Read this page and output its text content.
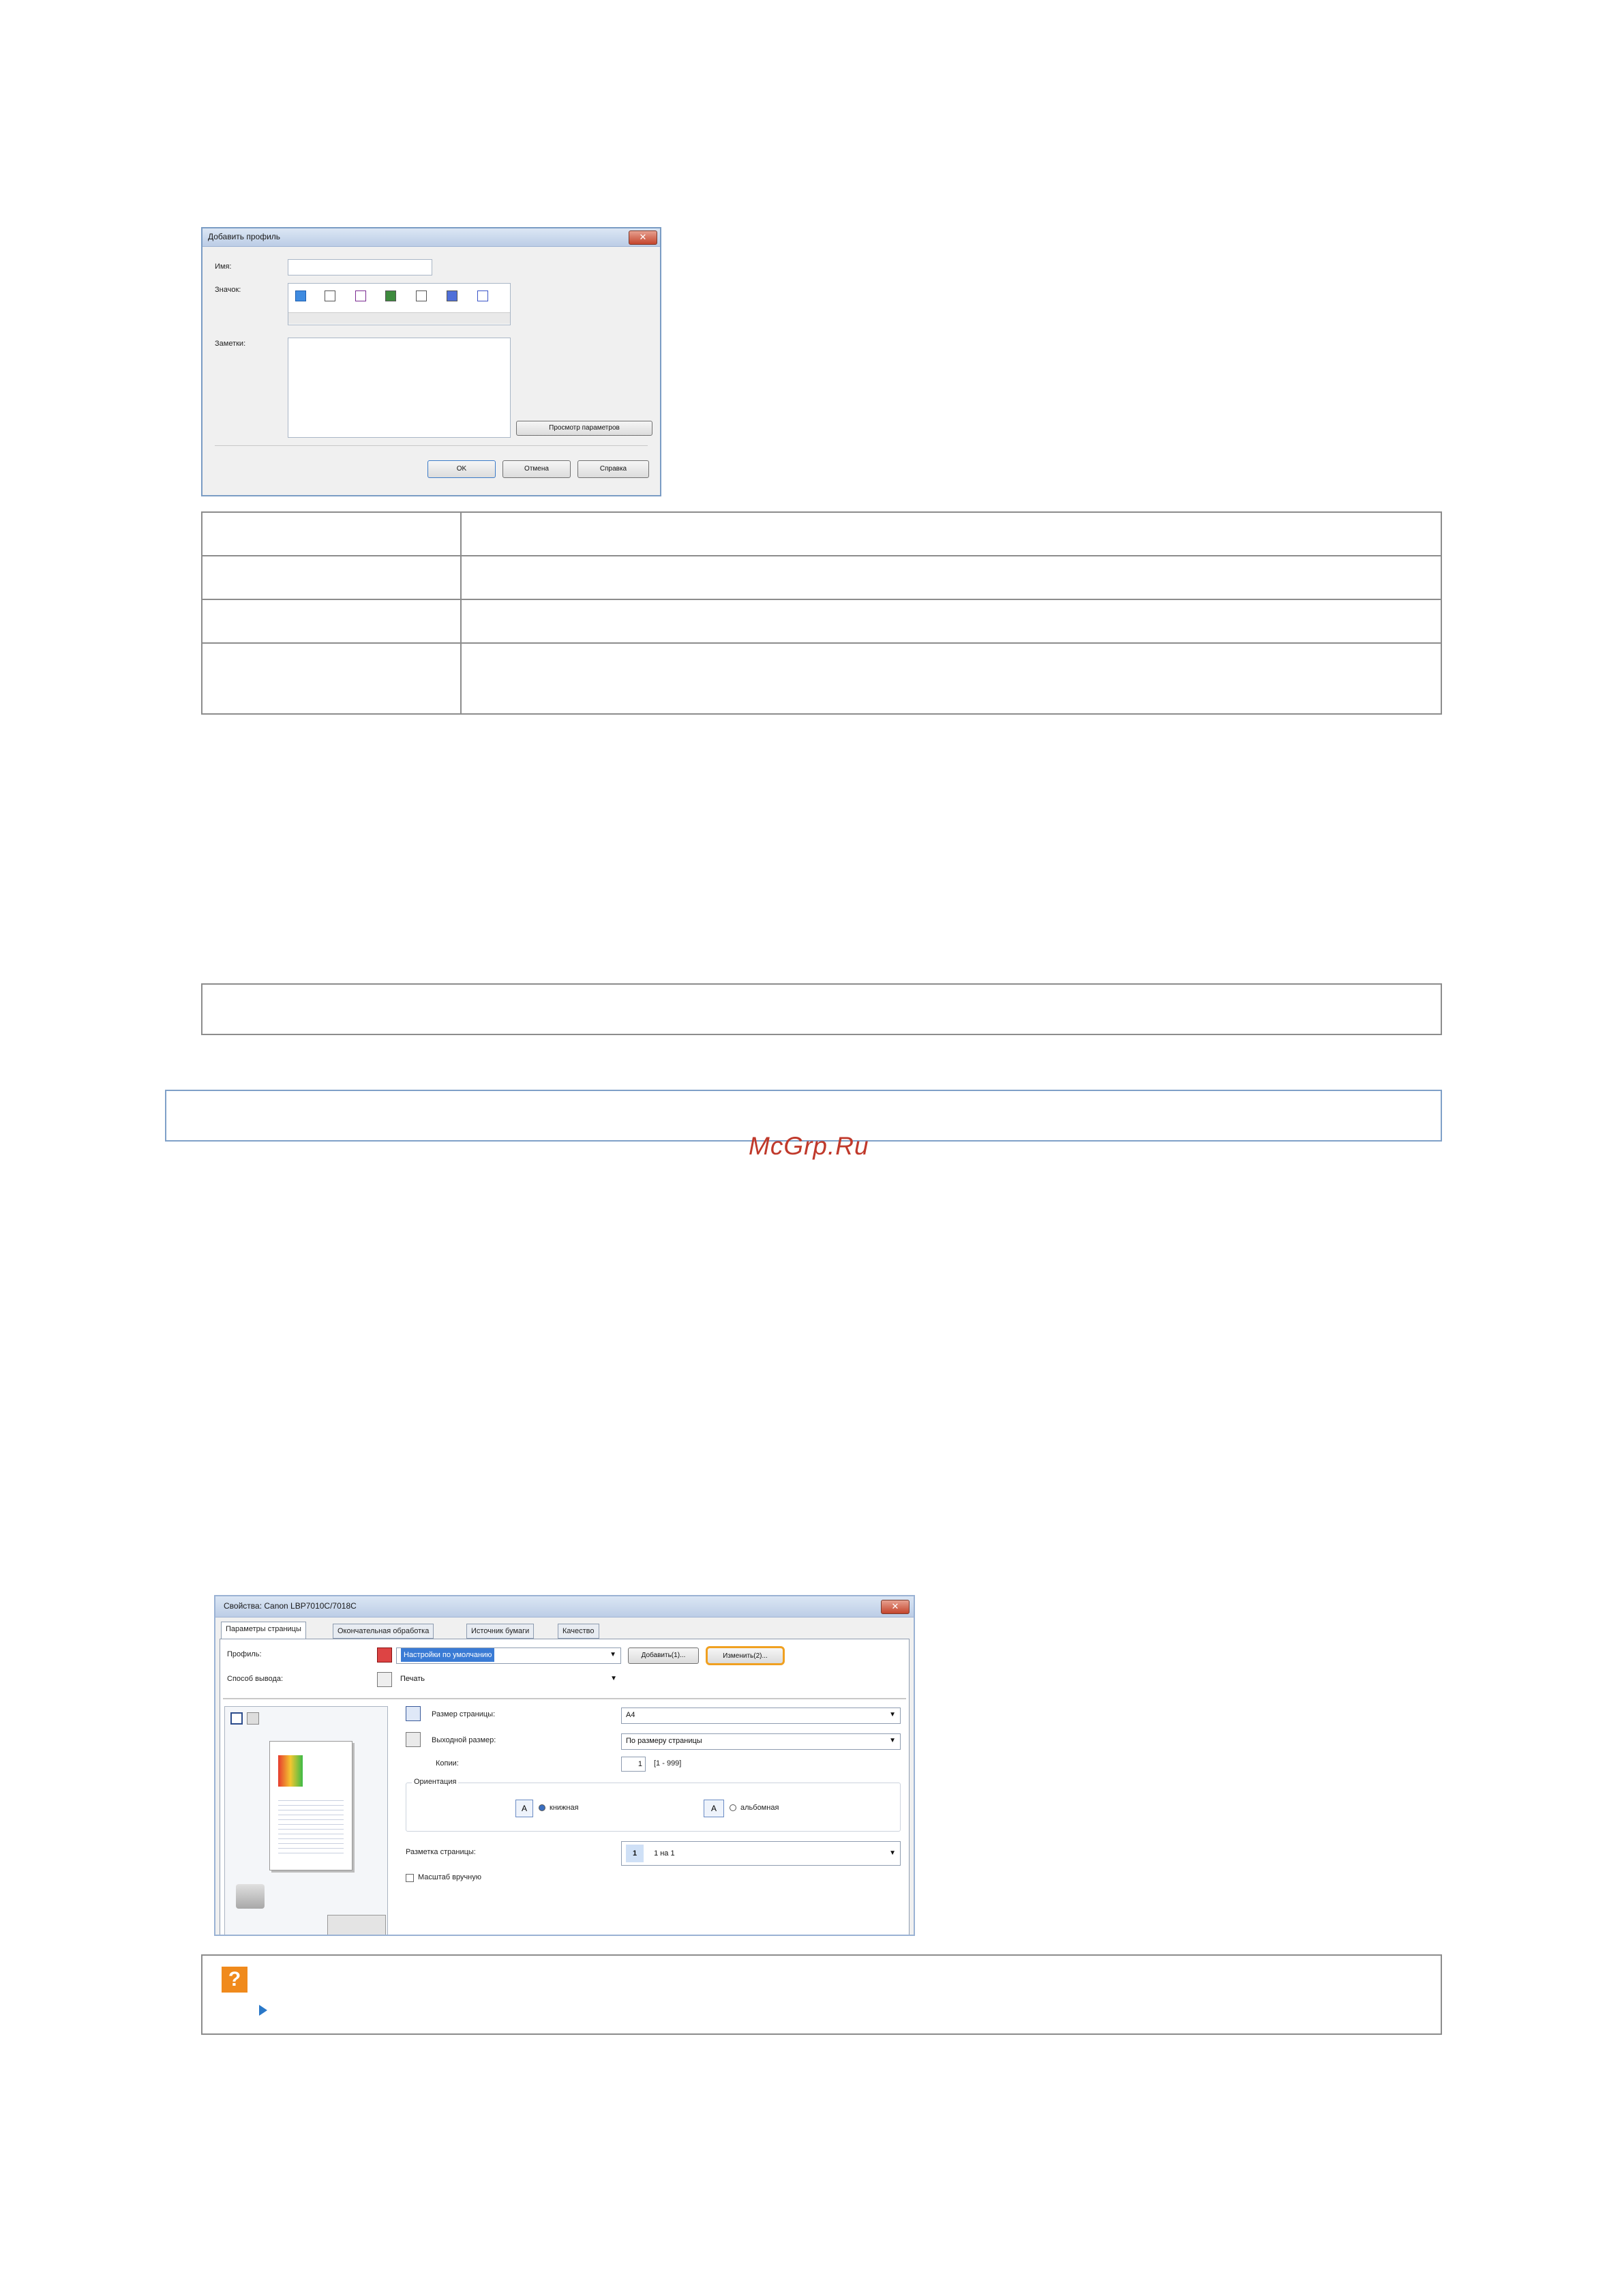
Добавить профиль	✕
Имя:
Значок:
Заметки:
Просмотр параметров
OK	Отмена	Справка

McGrp.Ru
Свойства: Canon LBP7010C/7018C	✕
Параметры страницы	Окончательная обработка	Источник бумаги	Качество
Профиль:	Настройки по умолчанию	▼	Добавить(1)...	Изменить(2)...
Способ вывода:	Печать	▼
Размер страницы:	A4	▼
Выходной размер:	По размеру страницы	▼
Копии:	1	[1 - 999]
Ориентация
A	книжная	A	альбомная
Разметка страницы:	1 1 на 1	▼
Масштаб вручную
?
